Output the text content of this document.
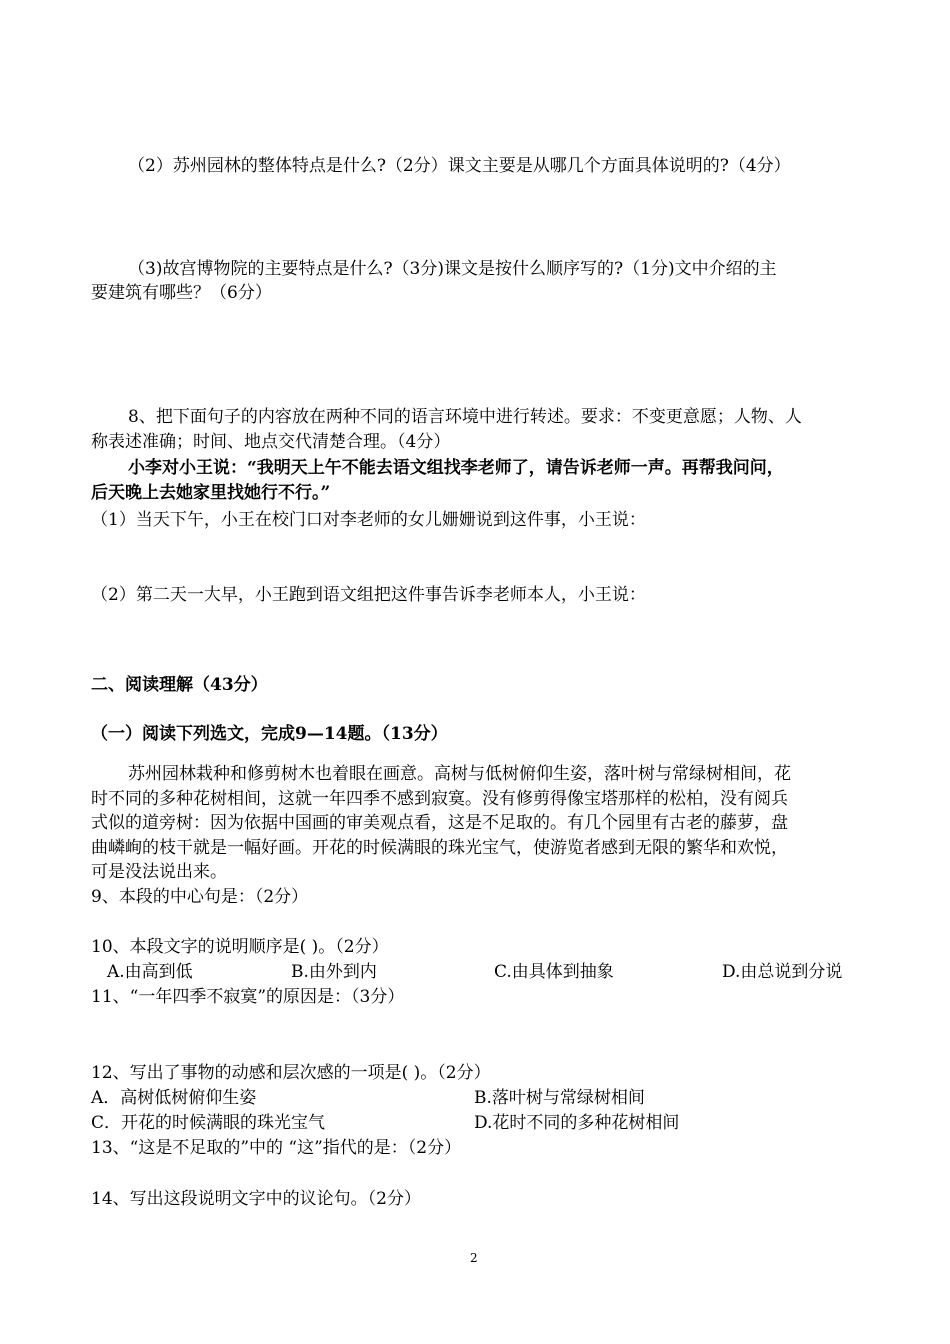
（2）苏州园林的整体特点是什么?（2分）课文主要是从哪几个方面具体说明的?（4分）
（3)故宫博物院的主要特点是什么?（3分)课文是按什么顺序写的?（1分)文中介绍的主
要建筑有哪些？（6分）
8、把下面句子的内容放在两种不同的语言环境中进行转述。要求：不变更意愿；人物、人
称表述准确；时间、地点交代清楚合理。（4分）
小李对小王说：“我明天上午不能去语文组找李老师了，请告诉老师一声。再帮我问问，
后天晚上去她家里找她行不行。”
（1）当天下午，小王在校门口对李老师的女儿姗姗说到这件事，小王说：
（2）第二天一大早，小王跑到语文组把这件事告诉李老师本人，小王说：
二、阅读理解（43分）
（一）阅读下列选文，完成9—14题。（13分）
苏州园林栽种和修剪树木也着眼在画意。高树与低树俯仰生姿，落叶树与常绿树相间，花
时不同的多种花树相间，这就一年四季不感到寂寞。没有修剪得像宝塔那样的松柏，没有阅兵
式似的道旁树：因为依据中国画的审美观点看，这是不足取的。有几个园里有古老的藤萝，盘
曲嶙峋的枝干就是一幅好画。开花的时候满眼的珠光宝气，使游览者感到无限的繁华和欢悦，
可是没法说出来。
9、本段的中心句是：（2分）
10、本段文字的说明顺序是( )。（2分）
A.由高到低	B.由外到内	C.由具体到抽象	D.由总说到分说
11、“一年四季不寂寞”的原因是：（3分）
12、写出了事物的动感和层次感的一项是( )。（2分）
A．高树低树俯仰生姿	B.落叶树与常绿树相间
C．开花的时候满眼的珠光宝气	D.花时不同的多种花树相间
13、“这是不足取的”中的 “这”指代的是：（2分）
14、写出这段说明文字中的议论句。（2分）
2
